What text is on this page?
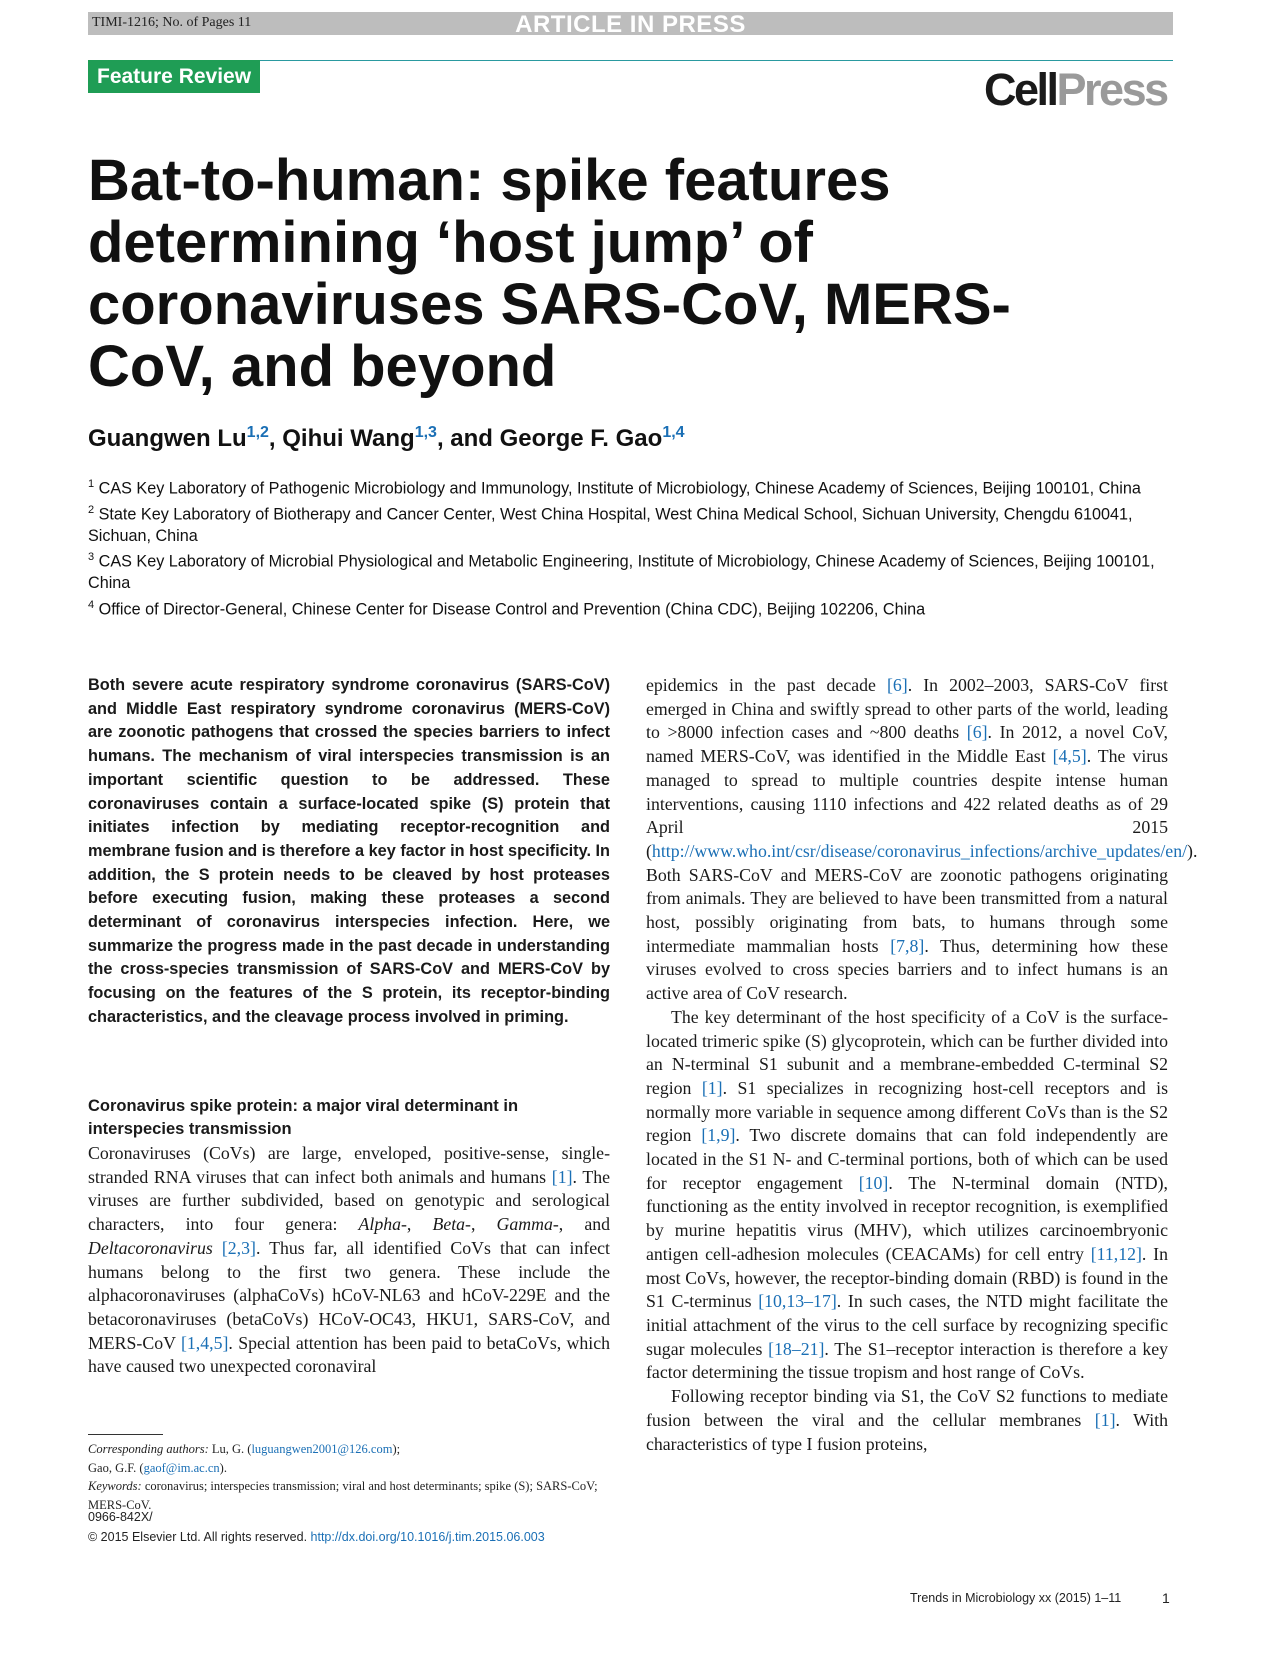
TIMI-1216; No. of Pages 11	ARTICLE IN PRESS
Feature Review	CellPress
Bat-to-human: spike features determining ‘host jump’ of coronaviruses SARS-CoV, MERS-CoV, and beyond
Guangwen Lu$^{1,2}$, Qihui Wang$^{1,3}$, and George F. Gao$^{1,4}$

$^1$ CAS Key Laboratory of Pathogenic Microbiology and Immunology, Institute of Microbiology, Chinese Academy of Sciences, Beijing 100101, China

$^2$ State Key Laboratory of Biotherapy and Cancer Center, West China Hospital, West China Medical School, Sichuan University, Chengdu 610041, Sichuan, China

$^3$ CAS Key Laboratory of Microbial Physiological and Metabolic Engineering, Institute of Microbiology, Chinese Academy of Sciences, Beijing 100101, China

$^4$ Office of Director-General, Chinese Center for Disease Control and Prevention (China CDC), Beijing 102206, China

Both severe acute respiratory syndrome coronavirus (SARS-CoV) and Middle East respiratory syndrome coronavirus (MERS-CoV) are zoonotic pathogens that crossed the species barriers to infect humans. The mechanism of viral interspecies transmission is an important scientific question to be addressed. These coronaviruses contain a surface-located spike (S) protein that initiates infection by mediating receptor-recognition and membrane fusion and is therefore a key factor in host specificity. In addition, the S protein needs to be cleaved by host proteases before executing fusion, making these proteases a second determinant of coronavirus interspecies infection. Here, we summarize the progress made in the past decade in understanding the cross-species transmission of SARS-CoV and MERS-CoV by focusing on the features of the S protein, its receptor-binding characteristics, and the cleavage process involved in priming.
Coronavirus spike protein: a major viral determinant in interspecies transmission

Coronaviruses (CoVs) are large, enveloped, positive-sense, single-stranded RNA viruses that can infect both animals and humans [1]. The viruses are further subdivided, based on genotypic and serological characters, into four genera: Alpha-, Beta-, Gamma-, and Deltacoronavirus [2,3]. Thus far, all identified CoVs that can infect humans belong to the first two genera. These include the alphacoronaviruses (alphaCoVs) hCoV-NL63 and hCoV-229E and the betacoronaviruses (betaCoVs) HCoV-OC43, HKU1, SARS-CoV, and MERS-CoV [1,4,5]. Special attention has been paid to betaCoVs, which have caused two unexpected coronaviral

epidemics in the past decade [6]. In 2002–2003, SARS-CoV first emerged in China and swiftly spread to other parts of the world, leading to >8000 infection cases and ~800 deaths [6]. In 2012, a novel CoV, named MERS-CoV, was identified in the Middle East [4,5]. The virus managed to spread to multiple countries despite intense human interventions, causing 1110 infections and 422 related deaths as of 29 April 2015 (http://www.who.int/csr/disease/coronavirus_infections/archive_updates/en/). Both SARS-CoV and MERS-CoV are zoonotic pathogens originating from animals. They are believed to have been transmitted from a natural host, possibly originating from bats, to humans through some intermediate mammalian hosts [7,8]. Thus, determining how these viruses evolved to cross species barriers and to infect humans is an active area of CoV research.

The key determinant of the host specificity of a CoV is the surface-located trimeric spike (S) glycoprotein, which can be further divided into an N-terminal S1 subunit and a membrane-embedded C-terminal S2 region [1]. S1 specializes in recognizing host-cell receptors and is normally more variable in sequence among different CoVs than is the S2 region [1,9]. Two discrete domains that can fold independently are located in the S1 N- and C-terminal portions, both of which can be used for receptor engagement [10]. The N-terminal domain (NTD), functioning as the entity involved in receptor recognition, is exemplified by murine hepatitis virus (MHV), which utilizes carcinoembryonic antigen cell-adhesion molecules (CEACAMs) for cell entry [11,12]. In most CoVs, however, the receptor-binding domain (RBD) is found in the S1 C-terminus [10,13–17]. In such cases, the NTD might facilitate the initial attachment of the virus to the cell surface by recognizing specific sugar molecules [18–21]. The S1–receptor interaction is therefore a key factor determining the tissue tropism and host range of CoVs.

Following receptor binding via S1, the CoV S2 functions to mediate fusion between the viral and the cellular membranes [1]. With characteristics of type I fusion proteins,

Corresponding authors: Lu, G. (luguangwen2001@126.com);

Gao, G.F. (gaof@im.ac.cn).

Keywords: coronavirus; interspecies transmission; viral and host determinants; spike (S); SARS-CoV; MERS-CoV.

0966-842X/
© 2015 Elsevier Ltd. All rights reserved. http://dx.doi.org/10.1016/j.tim.2015.06.003
Trends in Microbiology xx (2015) 1–11	1
